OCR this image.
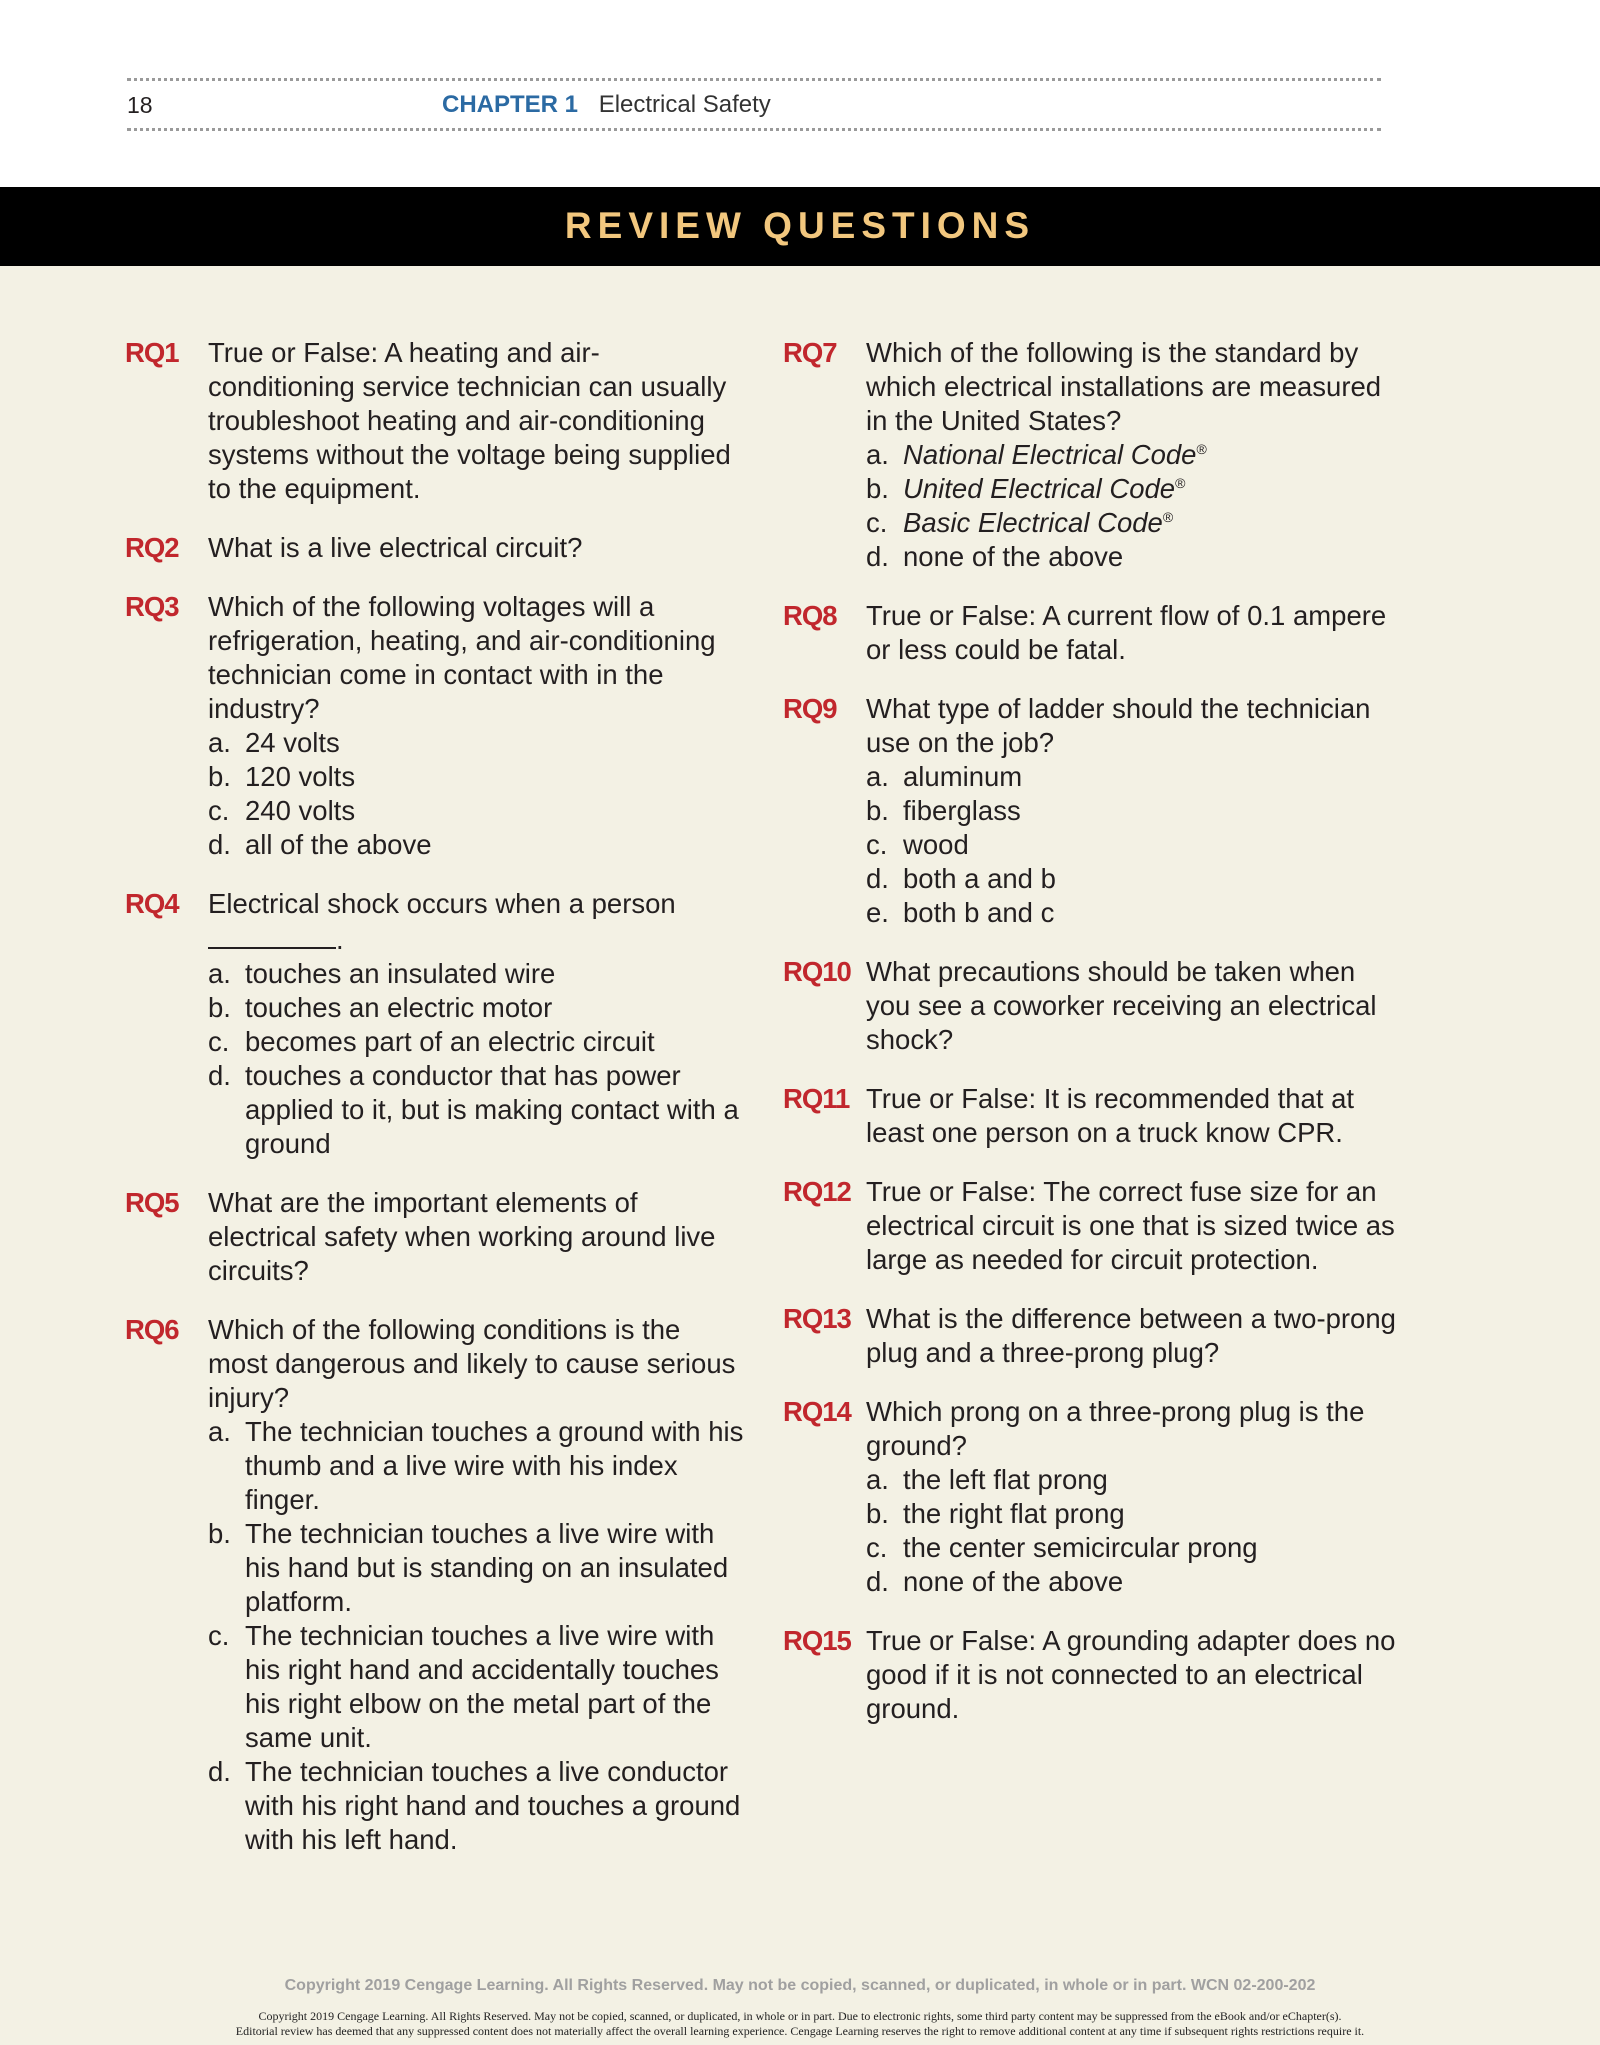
18	CHAPTER 1 Electrical Safety
REVIEW QUESTIONS
RQ1 True or False: A heating and air-conditioning service technician can usually troubleshoot heating and air-conditioning systems without the voltage being supplied to the equipment.
RQ2 What is a live electrical circuit?
RQ3 Which of the following voltages will a refrigeration, heating, and air-conditioning technician come in contact with in the industry?
a. 24 volts
b. 120 volts
c. 240 volts
d. all of the above
RQ4 Electrical shock occurs when a person
.
a. touches an insulated wire
b. touches an electric motor
c. becomes part of an electric circuit
d. touches a conductor that has power applied to it, but is making contact with a ground
RQ5 What are the important elements of electrical safety when working around live circuits?
RQ6 Which of the following conditions is the most dangerous and likely to cause serious injury?
a. The technician touches a ground with his thumb and a live wire with his index finger.
b. The technician touches a live wire with his hand but is standing on an insulated platform.
c. The technician touches a live wire with his right hand and accidentally touches his right elbow on the metal part of the same unit.
d. The technician touches a live conductor with his right hand and touches a ground with his left hand.
RQ7 Which of the following is the standard by which electrical installations are measured in the United States?
a. National Electrical Code®
b. United Electrical Code®
c. Basic Electrical Code®
d. none of the above
RQ8 True or False: A current flow of 0.1 ampere or less could be fatal.
RQ9 What type of ladder should the technician use on the job?
a. aluminum
b. fiberglass
c. wood
d. both a and b
e. both b and c
RQ10 What precautions should be taken when you see a coworker receiving an electrical shock?
RQ11 True or False: It is recommended that at least one person on a truck know CPR.
RQ12 True or False: The correct fuse size for an electrical circuit is one that is sized twice as large as needed for circuit protection.
RQ13 What is the difference between a two-prong plug and a three-prong plug?
RQ14 Which prong on a three-prong plug is the ground?
a. the left flat prong
b. the right flat prong
c. the center semicircular prong
d. none of the above
RQ15 True or False: A grounding adapter does no good if it is not connected to an electrical ground.
Copyright 2019 Cengage Learning. All Rights Reserved. May not be copied, scanned, or duplicated, in whole or in part. WCN 02-200-202
Copyright 2019 Cengage Learning. All Rights Reserved. May not be copied, scanned, or duplicated, in whole or in part. Due to electronic rights, some third party content may be suppressed from the eBook and/or eChapter(s).
Editorial review has deemed that any suppressed content does not materially affect the overall learning experience. Cengage Learning reserves the right to remove additional content at any time if subsequent rights restrictions require it.
